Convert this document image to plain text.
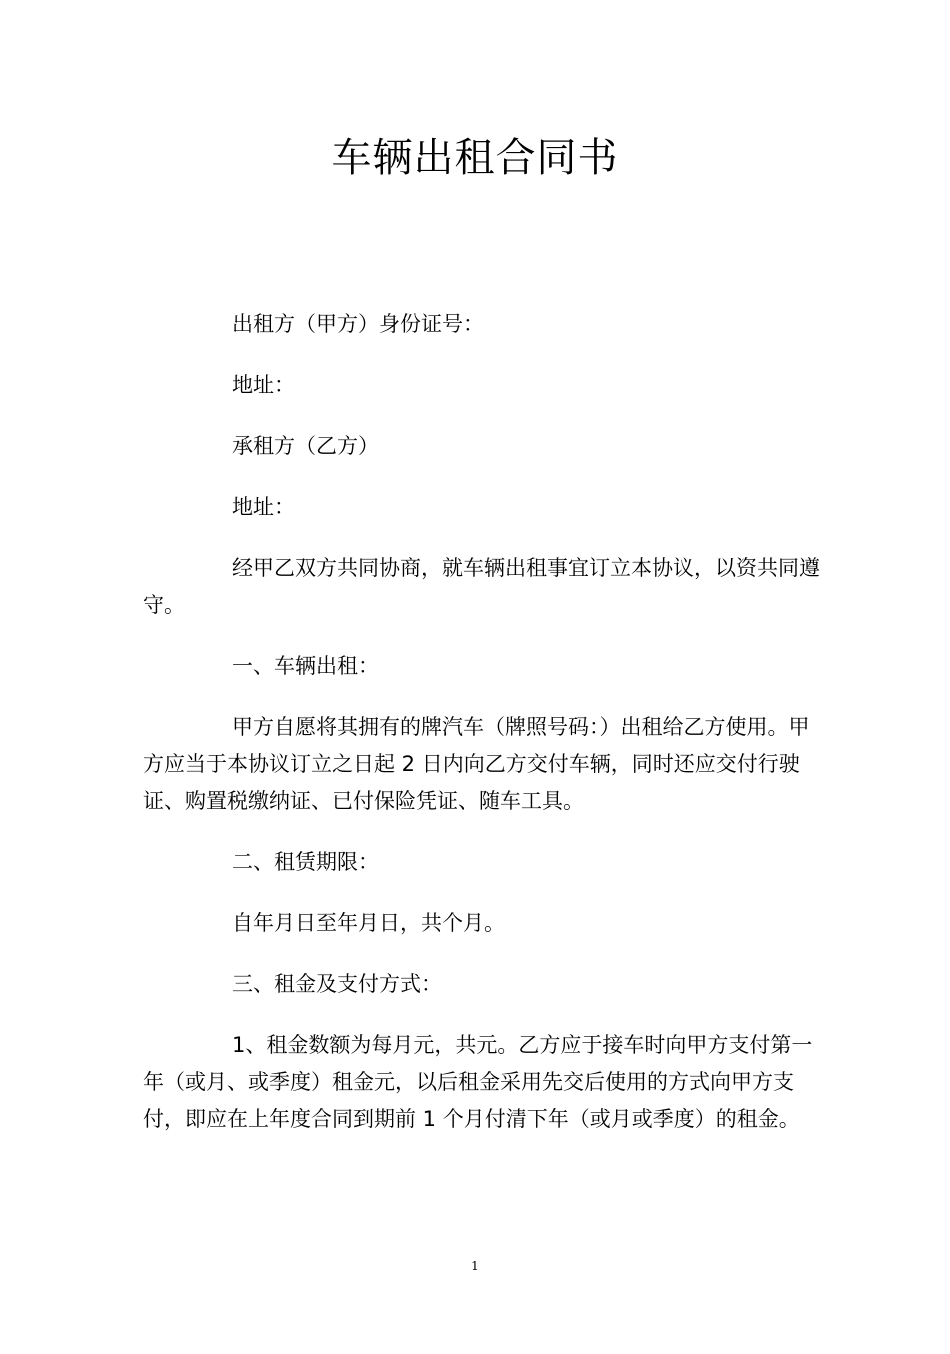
车辆出租合同书

出租方（甲方）身份证号：

地址：

承租方（乙方）

地址：

经甲乙双方共同协商，就车辆出租事宜订立本协议，以资共同遵守。

一、车辆出租：

甲方自愿将其拥有的牌汽车（牌照号码：）出租给乙方使用。甲方应当于本协议订立之日起 2 日内向乙方交付车辆，同时还应交付行驶证、购置税缴纳证、已付保险凭证、随车工具。

二、租赁期限：

自年月日至年月日，共个月。

三、租金及支付方式：

1、租金数额为每月元，共元。乙方应于接车时向甲方支付第一年（或月、或季度）租金元，以后租金采用先交后使用的方式向甲方支付，即应在上年度合同到期前 1 个月付清下年（或月或季度）的租金。

1
